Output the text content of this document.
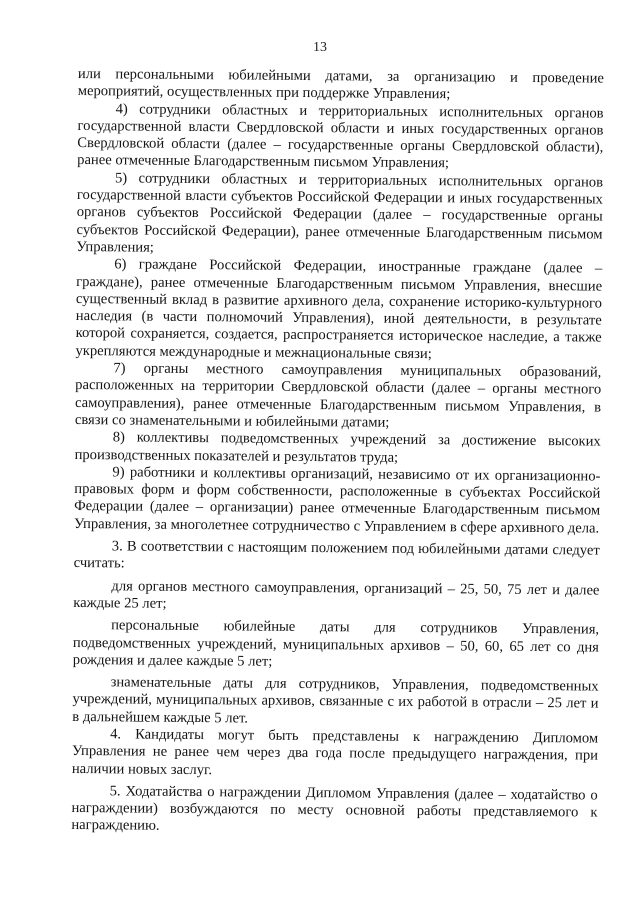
13

или персональными юбилейными датами, за организацию и проведение мероприятий, осуществленных при поддержке Управления;

4) сотрудники областных и территориальных исполнительных органов государственной власти Свердловской области и иных государственных органов Свердловской области (далее – государственные органы Свердловской области), ранее отмеченные Благодарственным письмом Управления;

5) сотрудники областных и территориальных исполнительных органов государственной власти субъектов Российской Федерации и иных государственных органов субъектов Российской Федерации (далее – государственные органы субъектов Российской Федерации), ранее отмеченные Благодарственным письмом Управления;

6) граждане Российской Федерации, иностранные граждане (далее – граждане), ранее отмеченные Благодарственным письмом Управления, внесшие существенный вклад в развитие архивного дела, сохранение историко-культурного наследия (в части полномочий Управления), иной деятельности, в результате которой сохраняется, создается, распространяется историческое наследие, а также укрепляются международные и межнациональные связи;

7) органы местного самоуправления муниципальных образований, расположенных на территории Свердловской области (далее – органы местного самоуправления), ранее отмеченные Благодарственным письмом Управления, в связи со знаменательными и юбилейными датами;

8) коллективы подведомственных учреждений за достижение высоких производственных показателей и результатов труда;

9) работники и коллективы организаций, независимо от их организационно-правовых форм и форм собственности, расположенные в субъектах Российской Федерации (далее – организации) ранее отмеченные Благодарственным письмом Управления, за многолетнее сотрудничество с Управлением в сфере архивного дела.

3. В соответствии с настоящим положением под юбилейными датами следует считать:

для органов местного самоуправления, организаций – 25, 50, 75 лет и далее каждые 25 лет;

персональные юбилейные даты для сотрудников Управления, подведомственных учреждений, муниципальных архивов – 50, 60, 65 лет со дня рождения и далее каждые 5 лет;

знаменательные даты для сотрудников, Управления, подведомственных учреждений, муниципальных архивов, связанные с их работой в отрасли – 25 лет и в дальнейшем каждые 5 лет.

4. Кандидаты могут быть представлены к награждению Дипломом Управления не ранее чем через два года после предыдущего награждения, при наличии новых заслуг.

5. Ходатайства о награждении Дипломом Управления (далее – ходатайство о награждении) возбуждаются по месту основной работы представляемого к награждению.
